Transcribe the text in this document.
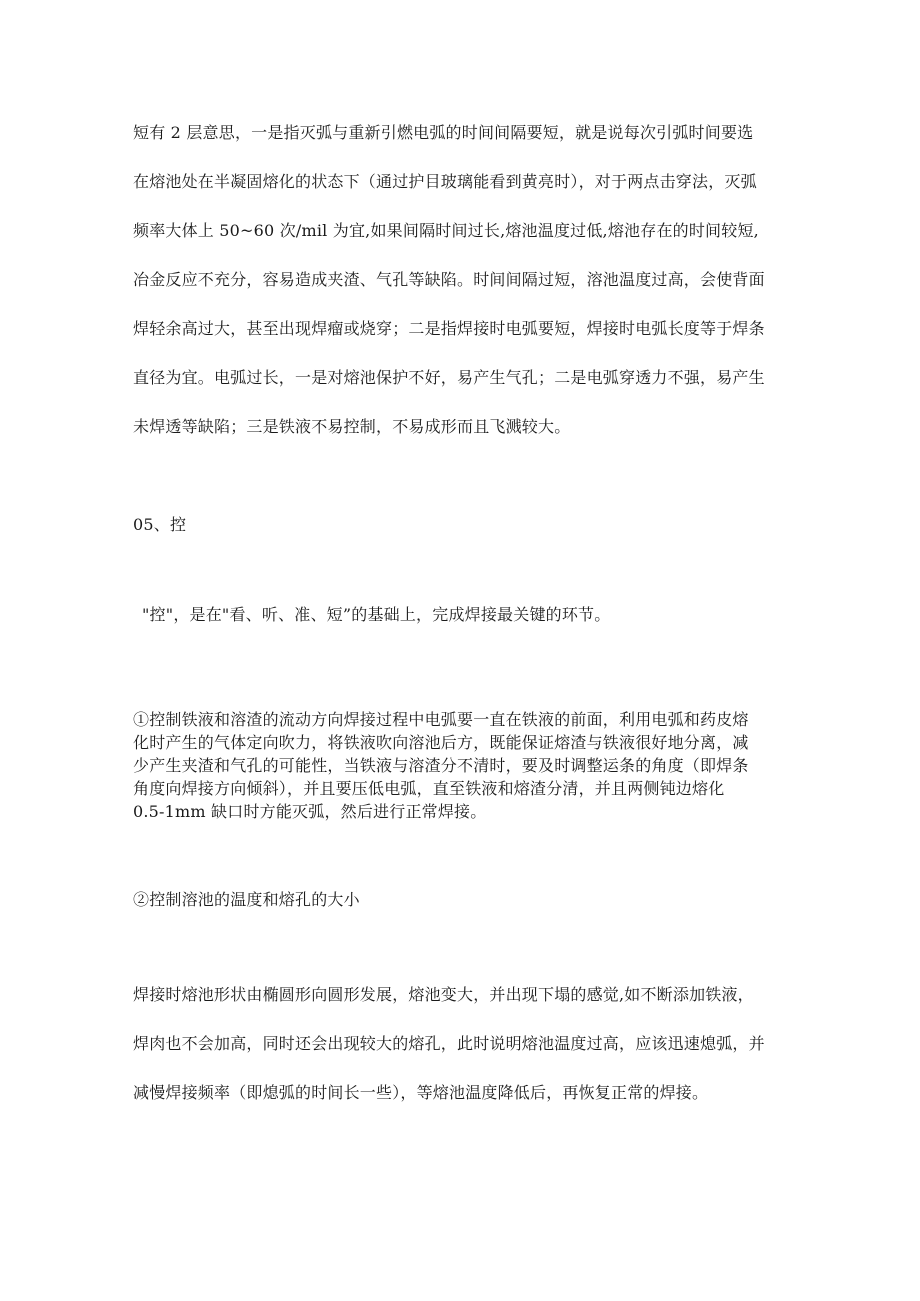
短有 2 层意思，一是指灭弧与重新引燃电弧的时间间隔要短，就是说每次引弧时间要选
在熔池处在半凝固熔化的状态下（通过护目玻璃能看到黄亮时），对于两点击穿法，灭弧
频率大体上 50~60 次/mil 为宜,如果间隔时间过长,熔池温度过低,熔池存在的时间较短,
冶金反应不充分，容易造成夹渣、气孔等缺陷。时间间隔过短，溶池温度过高，会使背面
焊轻余高过大，甚至出现焊瘤或烧穿；二是指焊接时电弧要短，焊接时电弧长度等于焊条
直径为宜。电弧过长，一是对熔池保护不好，易产生气孔；二是电弧穿透力不强，易产生
未焊透等缺陷；三是铁液不易控制，不易成形而且飞溅较大。
05、控
"控"，是在"看、听、准、短”的基础上，完成焊接最关键的环节。
①控制铁液和溶渣的流动方向焊接过程中电弧要一直在铁液的前面，利用电弧和药皮熔
化时产生的气体定向吹力，将铁液吹向溶池后方，既能保证熔渣与铁液很好地分离，减
少产生夹渣和气孔的可能性，当铁液与溶渣分不清时，要及时调整运条的角度（即焊条
角度向焊接方向倾斜），并且要压低电弧，直至铁液和熔渣分清，并且两侧钝边熔化
0.5-1mm 缺口时方能灭弧，然后进行正常焊接。
②控制溶池的温度和熔孔的大小
焊接时熔池形状由椭圆形向圆形发展，熔池变大，并出现下塌的感觉,如不断添加铁液，
焊肉也不会加高，同时还会出现较大的熔孔，此时说明熔池温度过高，应该迅速熄弧，并
减慢焊接频率（即熄弧的时间长一些），等熔池温度降低后，再恢复正常的焊接。
